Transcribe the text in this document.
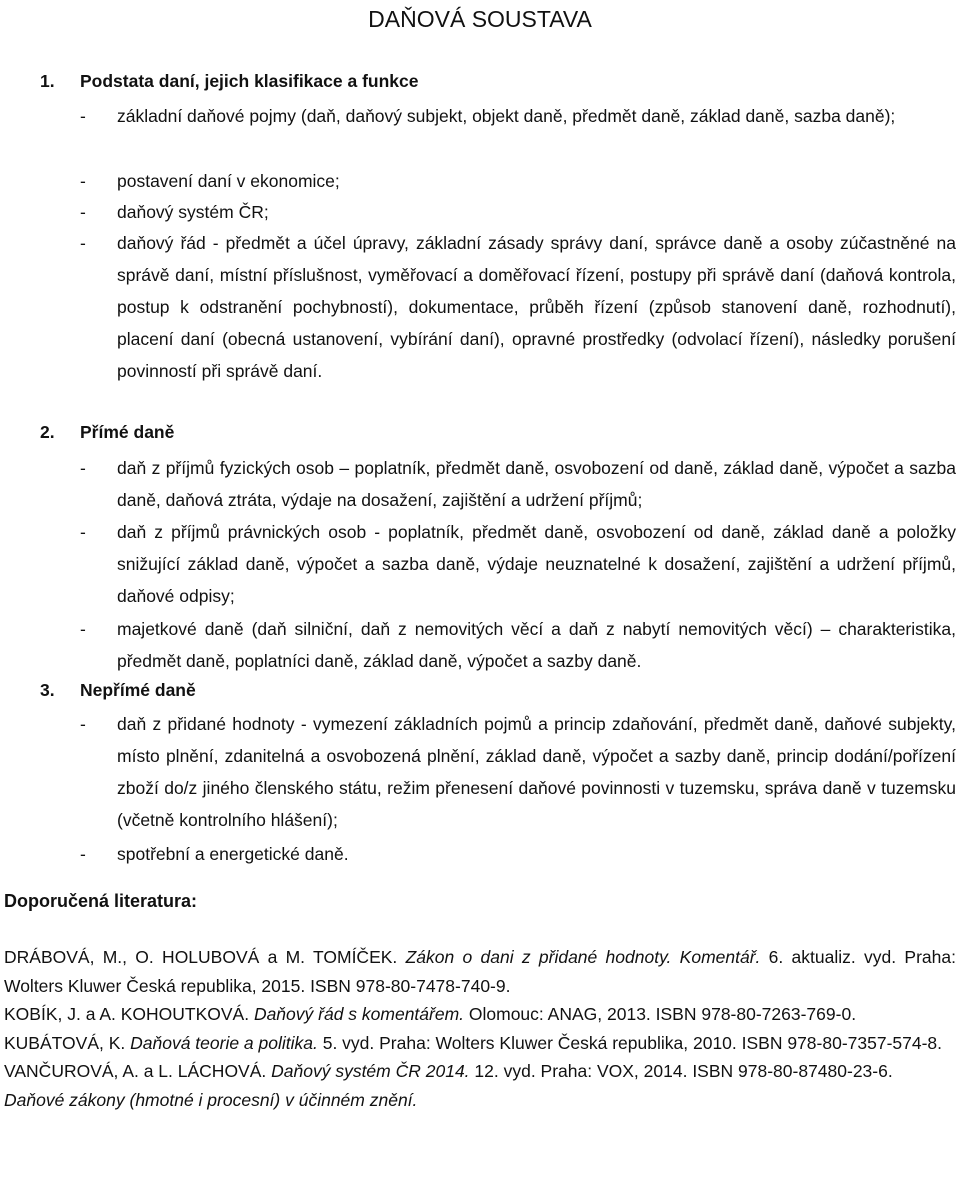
DAŇOVÁ SOUSTAVA
1. Podstata daní, jejich klasifikace a funkce
- základní daňové pojmy (daň, daňový subjekt, objekt daně, předmět daně, základ daně, sazba daně);
- postavení daní v ekonomice;
- daňový systém ČR;
- daňový řád - předmět a účel úpravy, základní zásady správy daní, správce daně a osoby zúčastněné na správě daní, místní příslušnost, vyměřovací a doměřovací řízení, postupy při správě daní (daňová kontrola, postup k odstranění pochybností), dokumentace, průběh řízení (způsob stanovení daně, rozhodnutí), placení daní (obecná ustanovení, vybírání daní), opravné prostředky (odvolací řízení), následky porušení povinností při správě daní.
2. Přímé daně
- daň z příjmů fyzických osob – poplatník, předmět daně, osvobození od daně, základ daně, výpočet a sazba daně, daňová ztráta, výdaje na dosažení, zajištění a udržení příjmů;
- daň z příjmů právnických osob - poplatník, předmět daně, osvobození od daně, základ daně a položky snižující základ daně, výpočet a sazba daně, výdaje neuznatelné k dosažení, zajištění a udržení příjmů, daňové odpisy;
- majetkové daně (daň silniční, daň z nemovitých věcí a daň z nabytí nemovitých věcí) – charakteristika, předmět daně, poplatníci daně, základ daně, výpočet a sazby daně.
3. Nepřímé daně
- daň z přidané hodnoty - vymezení základních pojmů a princip zdaňování, předmět daně, daňové subjekty, místo plnění, zdanitelná a osvobozená plnění, základ daně, výpočet a sazby daně, princip dodání/pořízení zboží do/z jiného členského státu, režim přenesení daňové povinnosti v tuzemsku, správa daně v tuzemsku (včetně kontrolního hlášení);
- spotřební a energetické daně.
Doporučená literatura:

DRÁBOVÁ, M., O. HOLUBOVÁ a M. TOMÍČEK. Zákon o dani z přidané hodnoty. Komentář. 6. aktualiz. vyd. Praha: Wolters Kluwer Česká republika, 2015. ISBN 978-80-7478-740-9.

KOBÍK, J. a A. KOHOUTKOVÁ. Daňový řád s komentářem. Olomouc: ANAG, 2013. ISBN 978-80-7263-769-0.

KUBÁTOVÁ, K. Daňová teorie a politika. 5. vyd. Praha: Wolters Kluwer Česká republika, 2010. ISBN 978-80-7357-574-8.

VANČUROVÁ, A. a L. LÁCHOVÁ. Daňový systém ČR 2014. 12. vyd. Praha: VOX, 2014. ISBN 978-80-87480-23-6.

Daňové zákony (hmotné i procesní) v účinném znění.
